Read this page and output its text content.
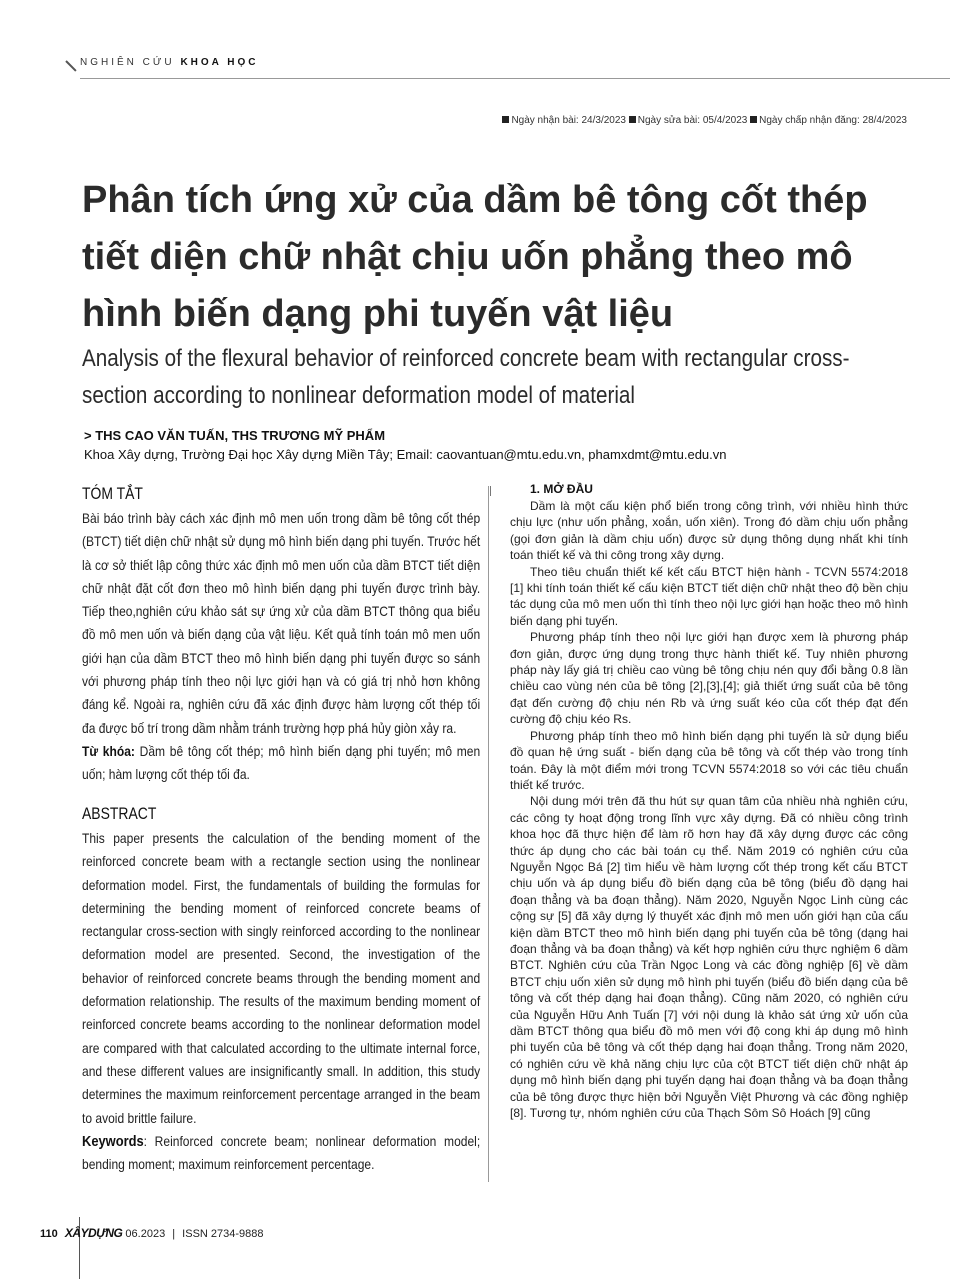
NGHIÊN CỨU KHOA HỌC
Ngày nhận bài: 24/3/2023 Ngày sửa bài: 05/4/2023 Ngày chấp nhận đăng: 28/4/2023
Phân tích ứng xử của dầm bê tông cốt thép
tiết diện chữ nhật chịu uốn phẳng theo mô
hình biến dạng phi tuyến vật liệu
Analysis of the flexural behavior of reinforced concrete beam with rectangular cross-
section according to nonlinear deformation model of material
> THS CAO VĂN TUẤN, THS TRƯƠNG MỸ PHẨM
Khoa Xây dựng, Trường Đại học Xây dựng Miền Tây; Email: caovantuan@mtu.edu.vn, phamxdmt@mtu.edu.vn
TÓM TẮT
Bài báo trình bày cách xác định mô men uốn trong dầm bê tông cốt thép (BTCT) tiết diện chữ nhật sử dụng mô hình biến dạng phi tuyến. Trước hết là cơ sở thiết lập công thức xác định mô men uốn của dầm BTCT tiết diện chữ nhật đặt cốt đơn theo mô hình biến dạng phi tuyến được trình bày. Tiếp theo,nghiên cứu khảo sát sự ứng xử của dầm BTCT thông qua biểu đồ mô men uốn và biến dạng của vật liệu. Kết quả tính toán mô men uốn giới hạn của dầm BTCT theo mô hình biến dạng phi tuyến được so sánh với phương pháp tính theo nội lực giới hạn và có giá trị nhỏ hơn không đáng kể. Ngoài ra, nghiên cứu đã xác định được hàm lượng cốt thép tối đa được bố trí trong dầm nhằm tránh trường hợp phá hủy giòn xảy ra.
Từ khóa: Dầm bê tông cốt thép; mô hình biến dạng phi tuyến; mô men uốn; hàm lượng cốt thép tối đa.
ABSTRACT
This paper presents the calculation of the bending moment of the reinforced concrete beam with a rectangle section using the nonlinear deformation model. First, the fundamentals of building the formulas for determining the bending moment of reinforced concrete beams of rectangular cross-section with singly reinforced according to the nonlinear deformation model are presented. Second, the investigation of the behavior of reinforced concrete beams through the bending moment and deformation relationship. The results of the maximum bending moment of reinforced concrete beams according to the nonlinear deformation model are compared with that calculated according to the ultimate internal force, and these different values are insignificantly small. In addition, this study determines the maximum reinforcement percentage arranged in the beam to avoid brittle failure.
Keywords: Reinforced concrete beam; nonlinear deformation model; bending moment; maximum reinforcement percentage.
1. MỞ ĐẦU

Dầm là một cấu kiện phổ biến trong công trình, với nhiều hình thức chịu lực (như uốn phẳng, xoắn, uốn xiên). Trong đó dầm chịu uốn phẳng (gọi đơn giản là dầm chịu uốn) được sử dụng thông dụng nhất khi tính toán thiết kế và thi công trong xây dựng.

Theo tiêu chuẩn thiết kế kết cấu BTCT hiện hành - TCVN 5574:2018 [1] khi tính toán thiết kế cấu kiện BTCT tiết diện chữ nhật theo độ bền chịu tác dụng của mô men uốn thì tính theo nội lực giới hạn hoặc theo mô hình biến dạng phi tuyến.

Phương pháp tính theo nội lực giới hạn được xem là phương pháp đơn giản, được ứng dụng trong thực hành thiết kế. Tuy nhiên phương pháp này lấy giá trị chiều cao vùng bê tông chịu nén quy đổi bằng 0.8 lần chiều cao vùng nén của bê tông [2],[3],[4]; giả thiết ứng suất của bê tông đạt đến cường độ chịu nén Rb và ứng suất kéo của cốt thép đạt đến cường độ chịu kéo Rs.

Phương pháp tính theo mô hình biến dạng phi tuyến là sử dụng biểu đồ quan hệ ứng suất - biến dạng của bê tông và cốt thép vào trong tính toán. Đây là một điểm mới trong TCVN 5574:2018 so với các tiêu chuẩn thiết kế trước.

Nội dung mới trên đã thu hút sự quan tâm của nhiều nhà nghiên cứu, các công ty hoạt động trong lĩnh vực xây dựng. Đã có nhiều công trình khoa học đã thực hiện để làm rõ hơn hay đã xây dựng được các công thức áp dụng cho các bài toán cụ thể. Năm 2019 có nghiên cứu của Nguyễn Ngọc Bá [2] tìm hiểu về hàm lượng cốt thép trong kết cấu BTCT chịu uốn và áp dụng biểu đồ biến dạng của bê tông (biểu đồ dạng hai đoạn thẳng và ba đoạn thẳng). Năm 2020, Nguyễn Ngọc Linh cùng các cộng sự [5] đã xây dựng lý thuyết xác định mô men uốn giới hạn của cấu kiện dầm BTCT theo mô hình biến dạng phi tuyến của bê tông (dạng hai đoạn thẳng và ba đoạn thẳng) và kết hợp nghiên cứu thực nghiệm 6 dầm BTCT. Nghiên cứu của Trần Ngọc Long và các đồng nghiệp [6] về dầm BTCT chịu uốn xiên sử dụng mô hình phi tuyến (biểu đồ biến dạng của bê tông và cốt thép dạng hai đoạn thẳng). Cũng năm 2020, có nghiên cứu của Nguyễn Hữu Anh Tuấn [7] với nội dung là khảo sát ứng xử uốn của dầm BTCT thông qua biểu đồ mô men với độ cong khi áp dụng mô hình phi tuyến của bê tông và cốt thép dạng hai đoạn thẳng. Trong năm 2020, có nghiên cứu về khả năng chịu lực của cột BTCT tiết diện chữ nhật áp dụng mô hình biến dạng phi tuyến dạng hai đoạn thẳng và ba đoạn thẳng của bê tông được thực hiện bởi Nguyễn Việt Phương và các đồng nghiệp [8]. Tương tự, nhóm nghiên cứu của Thạch Sôm Sô Hoách [9] cũng

110 XÂYDỰNG 06.2023 | ISSN 2734-9888
